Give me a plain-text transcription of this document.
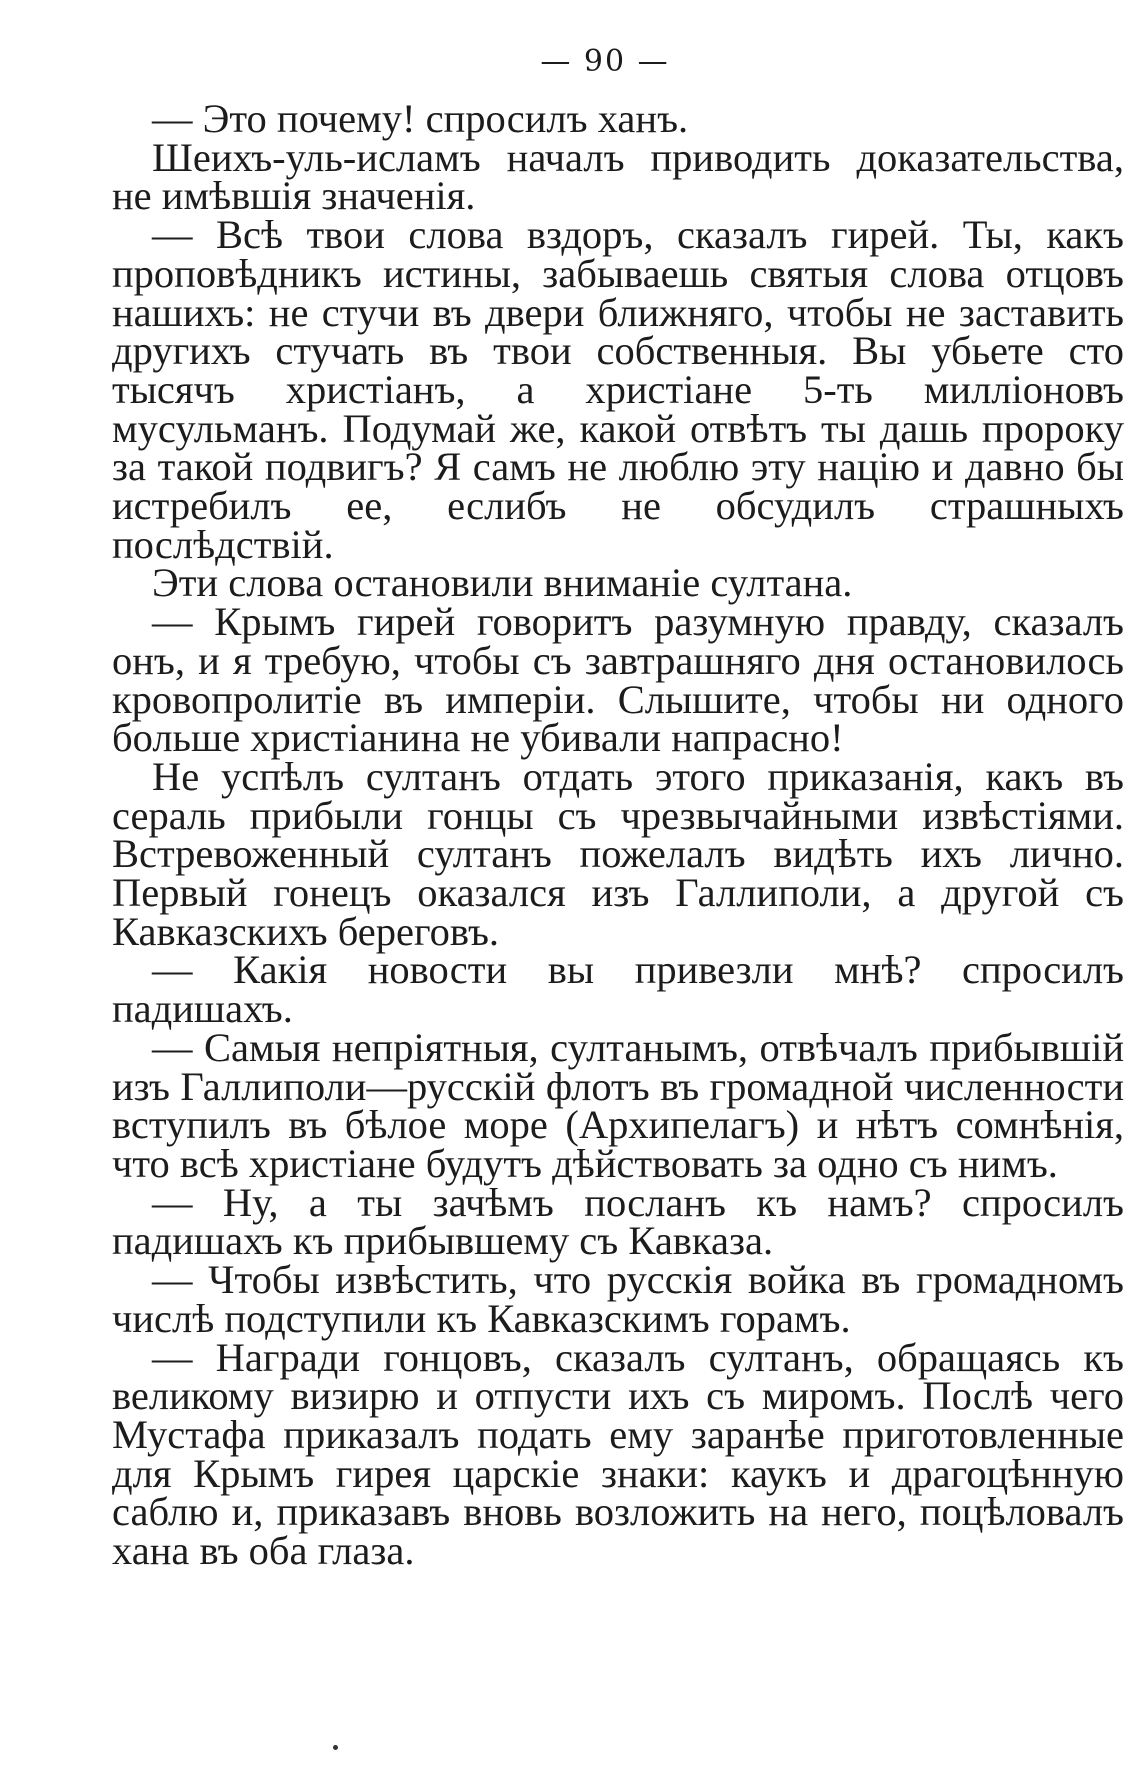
— 90 —

— Это почему! спросилъ ханъ.

Шеихъ-уль-исламъ началъ приводить доказательства, не имѣвшія значенія.

— Всѣ твои слова вздоръ, сказалъ гирей. Ты, какъ проповѣдникъ истины, забываешь святыя слова отцовъ нашихъ: не стучи въ двери ближняго, чтобы не заставить другихъ стучать въ твои собственныя. Вы убьете сто тысячъ христіанъ, а христіане 5-ть милліоновъ мусульманъ. Подумай же, какой отвѣтъ ты дашь пророку за такой подвигъ? Я самъ не люблю эту націю и давно бы истребилъ ее, еслибъ не обсудилъ страшныхъ послѣдствій.

Эти слова остановили вниманіе султана.

— Крымъ гирей говоритъ разумную правду, сказалъ онъ, и я требую, чтобы съ завтрашняго дня остановилось кровопролитіе въ имперіи. Слышите, чтобы ни одного больше христіанина не убивали напрасно!

Не успѣлъ султанъ отдать этого приказанія, какъ въ сераль прибыли гонцы съ чрезвычайными извѣстіями. Встревоженный султанъ пожелалъ видѣть ихъ лично. Первый гонецъ оказался изъ Галлиполи, а другой съ Кавказскихъ береговъ.

— Какія новости вы привезли мнѣ? спросилъ падишахъ.

— Самыя непріятныя, султанымъ, отвѣчалъ прибывшій изъ Галлиполи—русскій флотъ въ громадной численности вступилъ въ бѣлое море (Архипелагъ) и нѣтъ сомнѣнія, что всѣ христіане будутъ дѣйствовать за одно съ нимъ.

— Ну, а ты зачѣмъ посланъ къ намъ? спросилъ падишахъ къ прибывшему съ Кавказа.

— Чтобы извѣстить, что русскія войка въ громадномъ числѣ подступили къ Кавказскимъ горамъ.

— Награди гонцовъ, сказалъ султанъ, обращаясь къ великому визирю и отпусти ихъ съ миромъ. Послѣ чего Мустафа приказалъ подать ему заранѣе приготовленные для Крымъ гирея царскіе знаки: каукъ и драгоцѣнную саблю и, приказавъ вновь возложить на него, поцѣловалъ хана въ оба глаза.
